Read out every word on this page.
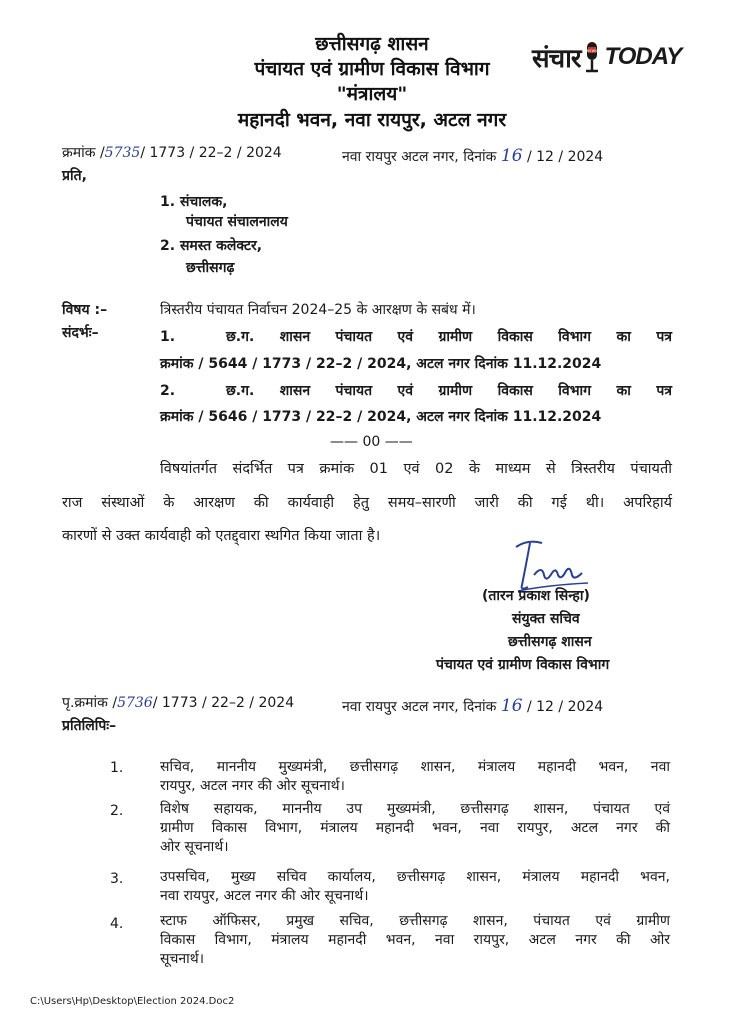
छत्तीसगढ़ शासन
पंचायत एवं ग्रामीण विकास विभाग
"मंत्रालय"
महानदी भवन, नवा रायपुर, अटल नगर
संचार NEWS TODAY
क्रमांक /5735/ 1773 / 22–2 / 2024	नवा रायपुर अटल नगर, दिनांक 16 / 12 / 2024
प्रति,
1. संचालक,
पंचायत संचालनालय
2. समस्त कलेक्टर,
छत्तीसगढ़
विषय :–	त्रिस्तरीय पंचायत निर्वाचन 2024–25 के आरक्षण के सबंध में।
संदर्भः–	1.	छ.ग. शासन पंचायत एवं ग्रामीण विकास विभाग का पत्र
क्रमांक / 5644 / 1773 / 22–2 / 2024, अटल नगर दिनांक 11.12.2024
2.	छ.ग. शासन पंचायत एवं ग्रामीण विकास विभाग का पत्र
क्रमांक / 5646 / 1773 / 22–2 / 2024, अटल नगर दिनांक 11.12.2024
—— 00 ——
विषयांतर्गत संदर्भित पत्र क्रमांक 01 एवं 02 के माध्यम से त्रिस्तरीय पंचायती
राज संस्थाओं के आरक्षण की कार्यवाही हेतु समय–सारणी जारी की गई थी। अपरिहार्य
कारणों से उक्त कार्यवाही को एतद्द्वारा स्थगित किया जाता है।
(तारन प्रकाश सिन्हा)
संयुक्त सचिव
छत्तीसगढ़ शासन
पंचायत एवं ग्रामीण विकास विभाग
पृ.क्रमांक /5736/ 1773 / 22–2 / 2024	नवा रायपुर अटल नगर, दिनांक 16 / 12 / 2024
प्रतिलिपिः–
1.	सचिव, माननीय मुख्यमंत्री, छत्तीसगढ़ शासन, मंत्रालय महानदी भवन, नवा
रायपुर, अटल नगर की ओर सूचनार्थ।
2.	विशेष सहायक, माननीय उप मुख्यमंत्री, छत्तीसगढ़ शासन, पंचायत एवं
ग्रामीण विकास विभाग, मंत्रालय महानदी भवन, नवा रायपुर, अटल नगर की
ओर सूचनार्थ।
3.	उपसचिव, मुख्य सचिव कार्यालय, छत्तीसगढ़ शासन, मंत्रालय महानदी भवन,
नवा रायपुर, अटल नगर की ओर सूचनार्थ।
4.	स्टाफ ऑफिसर, प्रमुख सचिव, छत्तीसगढ़ शासन, पंचायत एवं ग्रामीण
विकास विभाग, मंत्रालय महानदी भवन, नवा रायपुर, अटल नगर की ओर
सूचनार्थ।
C:\Users\Hp\Desktop\Election 2024.Doc2
